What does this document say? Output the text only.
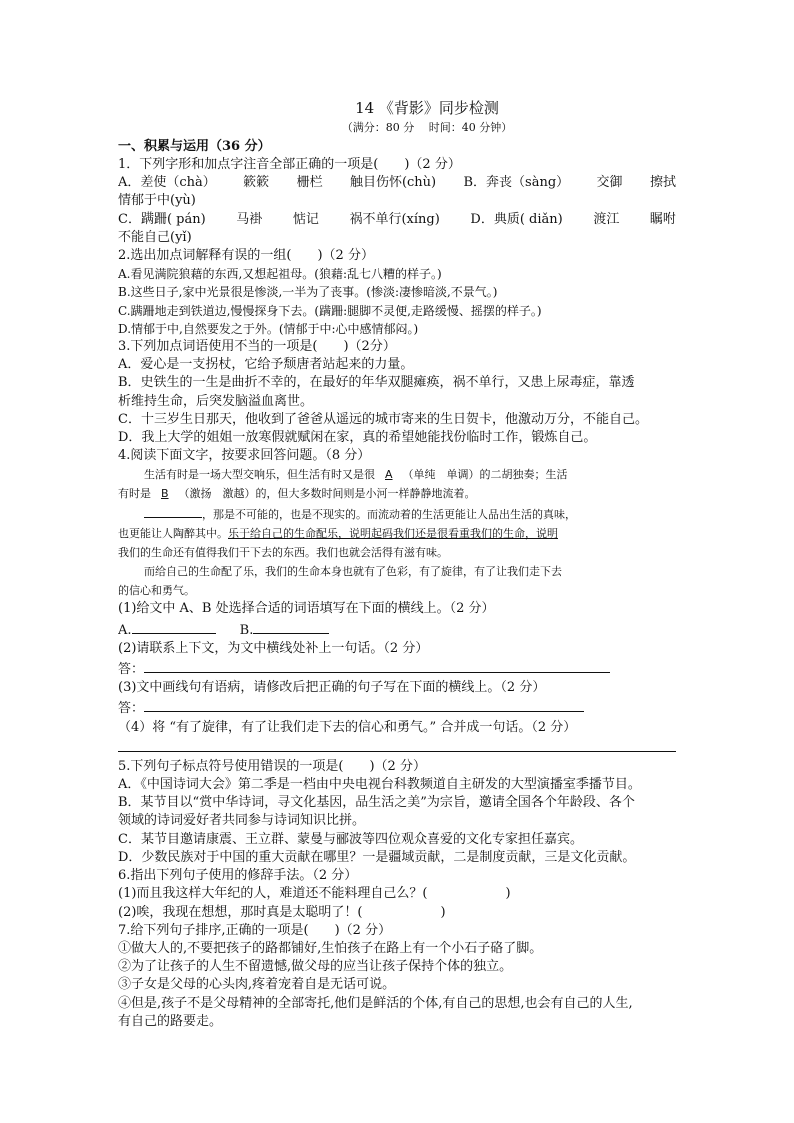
14 《背影》同步检测
（满分：80 分　 时间：40 分钟）
一、积累与运用（36 分）
1．下列字形和加点字注音全部正确的一项是(　　)（2 分）
A．差使（chà） 簌簌 栅栏 触目伤怀(chù) B．奔丧（sàng） 交御 擦拭
情郁于中(yù)
C．蹒跚( pán) 马褂 惦记 祸不单行(xíng) D．典质( diǎn) 渡江 瞩咐
不能自己(yǐ)
2.选出加点词解释有误的一组(　　)（2 分）
A.看见满院狼藉的东西,又想起祖母。(狼藉:乱七八糟的样子。)
B.这些日子,家中光景很是惨淡,一半为了丧事。(惨淡:凄惨暗淡,不景气。)
C.蹒跚地走到铁道边,慢慢探身下去。(蹒跚:腿脚不灵便,走路缓慢、摇摆的样子。)
D.情郁于中,自然要发之于外。(情郁于中:心中感情郁闷。)
3.下列加点词语使用不当的一项是(　　)（2分）
A．爱心是一支拐杖，它给予颓唐者站起来的力量。
B．史铁生的一生是曲折不幸的，在最好的年华双腿瘫痪，祸不单行，又患上尿毒症，靠透
析维持生命，后突发脑溢血离世。
C．十三岁生日那天，他收到了爸爸从遥远的城市寄来的生日贺卡，他激动万分，不能自己。
D．我上大学的姐姐一放寒假就赋闲在家，真的希望她能找份临时工作，锻炼自己。
4.阅读下面文字，按要求回答问题。（8 分）
生活有时是一场大型交响乐，但生活有时又是很 A （单纯　单调）的二胡独奏；生活
有时是 B （激扬　激越）的，但大多数时间则是小河一样静静地流着。
，那是不可能的，也是不现实的。而流动着的生活更能让人品出生活的真味，
也更能让人陶醉其中。乐于给自己的生命配乐，说明起码我们还是很看重我们的生命，说明
我们的生命还有值得我们干下去的东西。我们也就会活得有滋有味。
而给自己的生命配了乐，我们的生命本身也就有了色彩，有了旋律，有了让我们走下去
的信心和勇气。
(1)给文中 A、B 处选择合适的词语填写在下面的横线上。（2 分）
A.	B.
(2)请联系上下文，为文中横线处补上一句话。（2 分）
答：
(3)文中画线句有语病，请修改后把正确的句子写在下面的横线上。（2 分）
答：
（4）将 “有了旋律，有了让我们走下去的信心和勇气。” 合并成一句话。（2 分）
5.下列句子标点符号使用错误的一项是(　　)（2 分）
A．《中国诗词大会》第二季是一档由中央电视台科教频道自主研发的大型演播室季播节目。
B．某节目以“赏中华诗词，寻文化基因，品生活之美”为宗旨，邀请全国各个年龄段、各个
领域的诗词爱好者共同参与诗词知识比拼。
C．某节目邀请康震、王立群、蒙曼与郦波等四位观众喜爱的文化专家担任嘉宾。
D．少数民族对于中国的重大贡献在哪里？一是疆域贡献，二是制度贡献，三是文化贡献。
6.指出下列句子使用的修辞手法。（2 分）
(1)而且我这样大年纪的人，难道还不能料理自己么？(　　　　　　)
(2)唉，我现在想想，那时真是太聪明了！(　　　　　　)
7.给下列句子排序,正确的一项是(　　)（2 分）
①做大人的,不要把孩子的路都铺好,生怕孩子在路上有一个小石子硌了脚。
②为了让孩子的人生不留遗憾,做父母的应当让孩子保持个体的独立。
③子女是父母的心头肉,疼着宠着自是无话可说。
④但是,孩子不是父母精神的全部寄托,他们是鲜活的个体,有自己的思想,也会有自己的人生,
有自己的路要走。
